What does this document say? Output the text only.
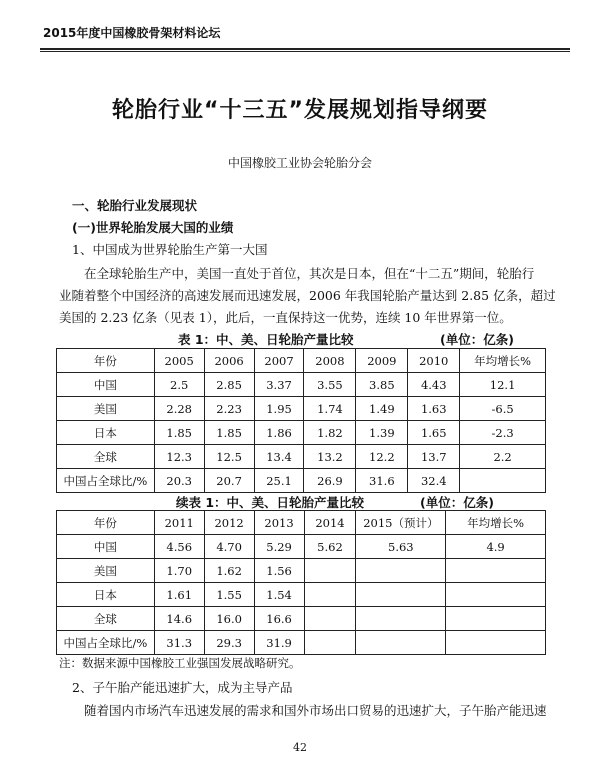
2015年度中国橡胶骨架材料论坛
轮胎行业“十三五”发展规划指导纲要
中国橡胶工业协会轮胎分会
一、轮胎行业发展现状
(一)世界轮胎发展大国的业绩
1、中国成为世界轮胎生产第一大国
在全球轮胎生产中，美国一直处于首位，其次是日本，但在“十二五”期间，轮胎行
业随着整个中国经济的高速发展而迅速发展，2006 年我国轮胎产量达到 2.85 亿条，超过
美国的 2.23 亿条（见表 1），此后，一直保持这一优势，连续 10 年世界第一位。
表 1：中、美、日轮胎产量比较	(单位：亿条)
年份	2005	2006	2007	2008	2009	2010	年均增长%
中国	2.5	2.85	3.37	3.55	3.85	4.43	12.1
美国	2.28	2.23	1.95	1.74	1.49	1.63	-6.5
日本	1.85	1.85	1.86	1.82	1.39	1.65	-2.3
全球	12.3	12.5	13.4	13.2	12.2	13.7	2.2
中国占全球比/%	20.3	20.7	25.1	26.9	31.6	32.4	
续表 1：中、美、日轮胎产量比较	(单位：亿条)
年份	2011	2012	2013	2014	2015（预计）	年均增长%
中国	4.56	4.70	5.29	5.62	5.63	4.9
美国	1.70	1.62	1.56			
日本	1.61	1.55	1.54			
全球	14.6	16.0	16.6			
中国占全球比/%	31.3	29.3	31.9			
注：数据来源中国橡胶工业强国发展战略研究。
2、子午胎产能迅速扩大，成为主导产品
随着国内市场汽车迅速发展的需求和国外市场出口贸易的迅速扩大，子午胎产能迅速
42
